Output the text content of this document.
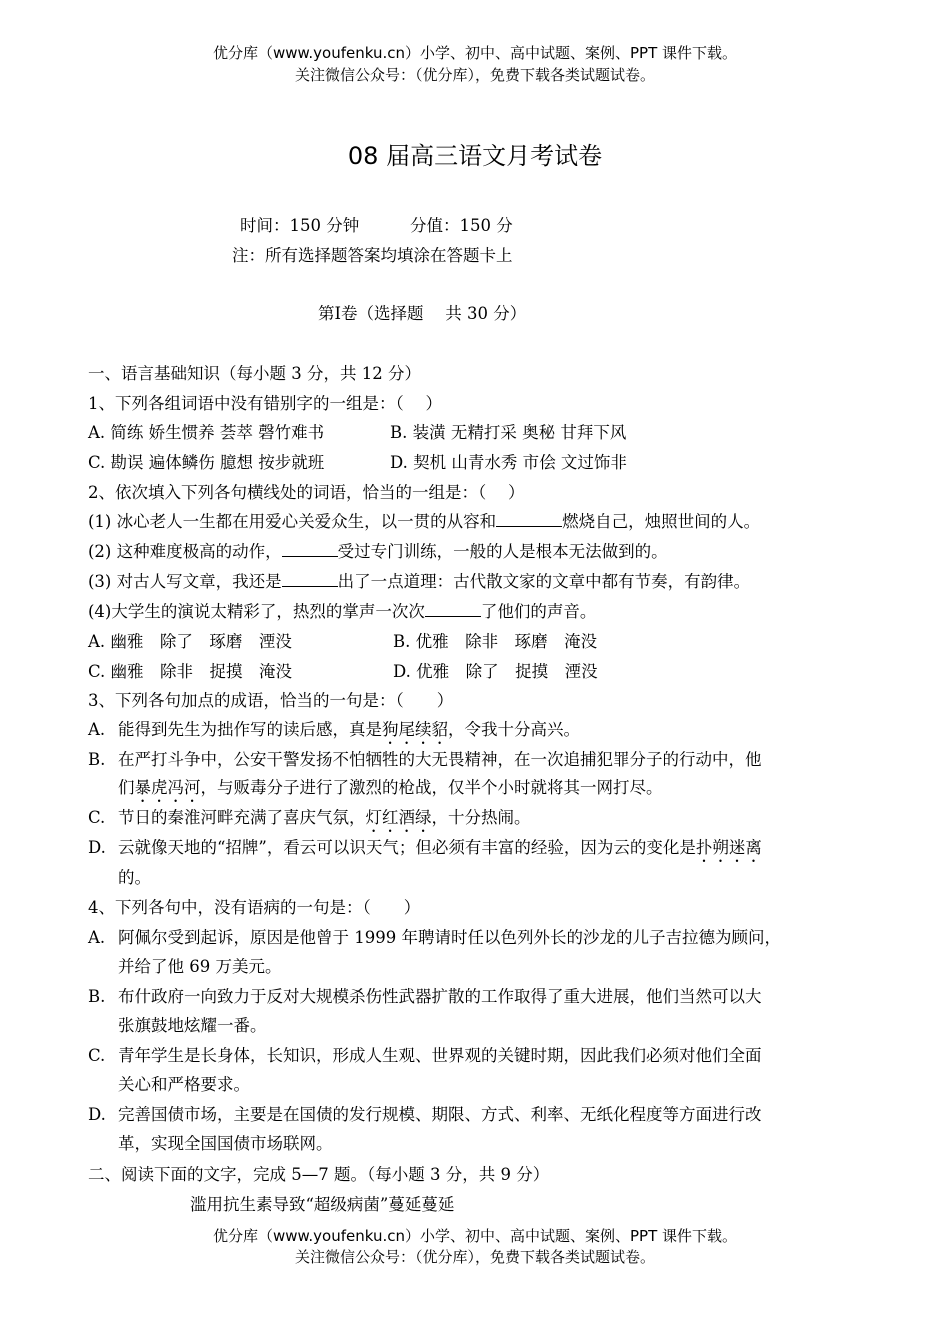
优分库（www.youfenku.cn）小学、初中、高中试题、案例、PPT 课件下载。
关注微信公众号：（优分库），免费下载各类试题试卷。
08 届高三语文月考试卷
时间：150 分钟	分值：150 分
注：所有选择题答案均填涂在答题卡上
第Ⅰ卷（选择题　 共 30 分）
一、语言基础知识（每小题 3 分，共 12 分）
1、下列各组词语中没有错别字的一组是：（　 ）
A. 简练 娇生惯养 荟萃 磬竹难书	B. 装潢 无精打采 奥秘 甘拜下风
C. 勘误 遍体鳞伤 臆想 按步就班	D. 契机 山青水秀 市侩 文过饰非
2、依次填入下列各句横线处的词语，恰当的一组是：（　 ）
(1) 冰心老人一生都在用爱心关爱众生，以一贯的从容和	燃烧自己，烛照世间的人。
(2) 这种难度极高的动作，	受过专门训练，一般的人是根本无法做到的。
(3) 对古人写文章，我还是	出了一点道理：古代散文家的文章中都有节奏，有韵律。
(4)大学生的演说太精彩了，热烈的掌声一次次	了他们的声音。
A. 幽雅　除了　琢磨　湮没	B. 优雅　除非　琢磨　淹没
C. 幽雅　除非　捉摸　淹没	D. 优雅　除了　捉摸　湮没
3、下列各句加点的成语，恰当的一句是：（　　）
A. 能得到先生为拙作写的读后感，真是狗尾续貂，令我十分高兴。
B. 在严打斗争中，公安干警发扬不怕牺牲的大无畏精神，在一次追捕犯罪分子的行动中，他
们暴虎冯河，与贩毒分子进行了激烈的枪战，仅半个小时就将其一网打尽。
C. 节日的秦淮河畔充满了喜庆气氛，灯红酒绿，十分热闹。
D. 云就像天地的“招牌”，看云可以识天气；但必须有丰富的经验，因为云的变化是扑朔迷离
的。
4、下列各句中，没有语病的一句是：（　　）
A. 阿佩尔受到起诉，原因是他曾于 1999 年聘请时任以色列外长的沙龙的儿子吉拉德为顾问，
并给了他 69 万美元。
B. 布什政府一向致力于反对大规模杀伤性武器扩散的工作取得了重大进展，他们当然可以大
张旗鼓地炫耀一番。
C. 青年学生是长身体，长知识，形成人生观、世界观的关键时期，因此我们必须对他们全面
关心和严格要求。
D. 完善国债市场，主要是在国债的发行规模、期限、方式、利率、无纸化程度等方面进行改
革，实现全国国债市场联网。
二、阅读下面的文字，完成 5—7 题。（每小题 3 分，共 9 分）
滥用抗生素导致“超级病菌”蔓延蔓延
优分库（www.youfenku.cn）小学、初中、高中试题、案例、PPT 课件下载。
关注微信公众号：（优分库），免费下载各类试题试卷。
